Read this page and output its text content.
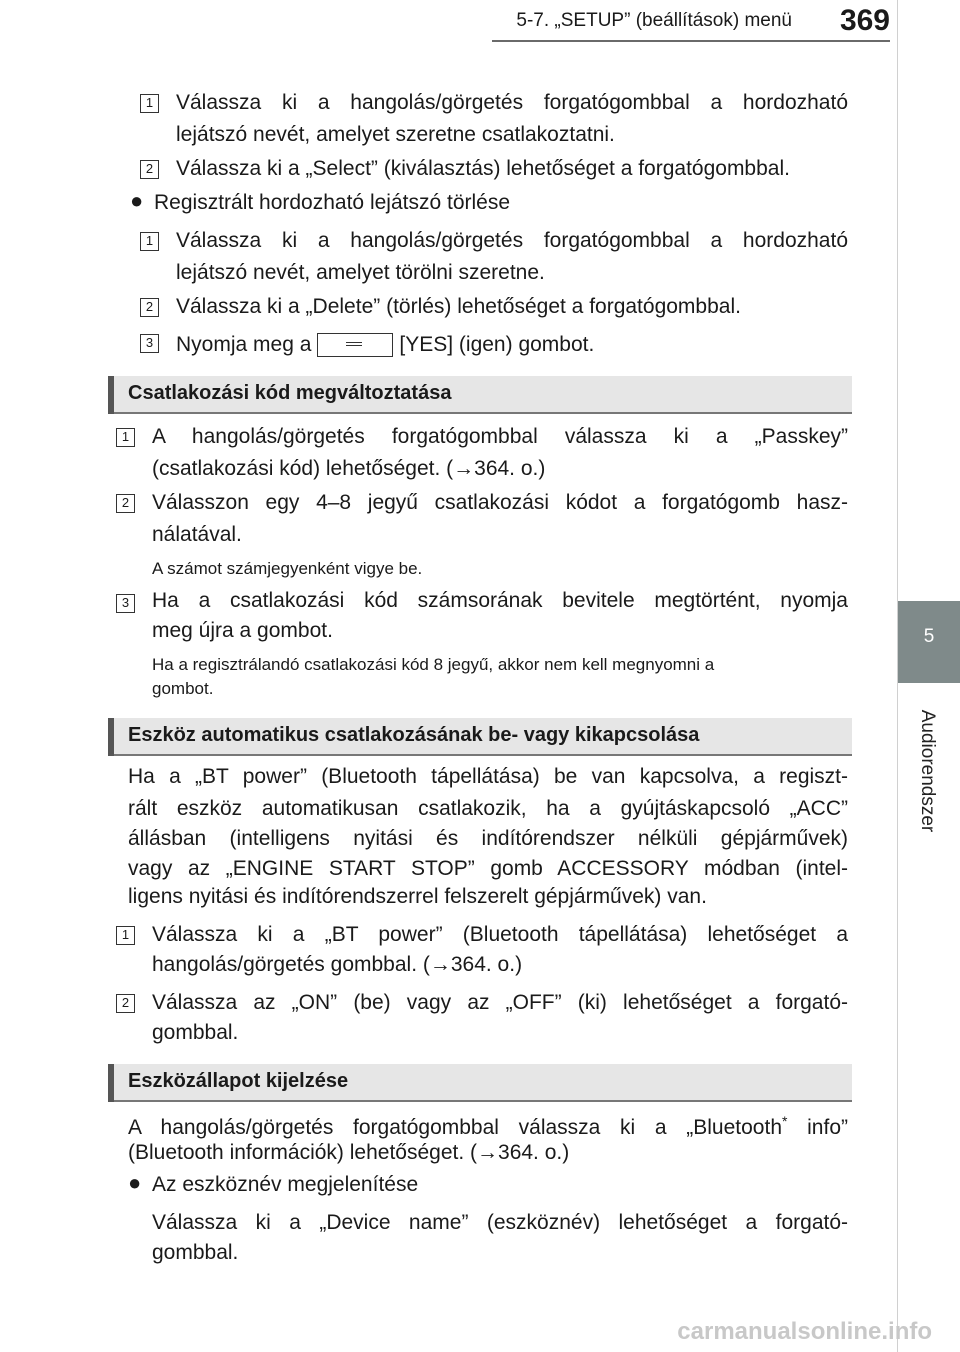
5-7. „SETUP” (beállítások) menü	369
5
Audiorendszer
1 Válassza ki a hangolás/görgetés forgatógombbal a hordozható
lejátszó nevét, amelyet szeretne csatlakoztatni.
2 Válassza ki a „Select” (kiválasztás) lehetőséget a forgatógombbal.
● Regisztrált hordozható lejátszó törlése
1 Válassza ki a hangolás/görgetés forgatógombbal a hordozható
lejátszó nevét, amelyet törölni szeretne.
2 Válassza ki a „Delete” (törlés) lehetőséget a forgatógombbal.
3 Nyomja meg a	[YES] (igen) gombot.
Csatlakozási kód megváltoztatása
1 A hangolás/görgetés forgatógombbal válassza ki a „Passkey”
(csatlakozási kód) lehetőséget. (→364. o.)
2 Válasszon egy 4–8 jegyű csatlakozási kódot a forgatógomb hasz-
nálatával.
A számot számjegyenként vigye be.
3 Ha a csatlakozási kód számsorának bevitele megtörtént, nyomja
meg újra a gombot.
Ha a regisztrálandó csatlakozási kód 8 jegyű, akkor nem kell megnyomni a
gombot.
Eszköz automatikus csatlakozásának be- vagy kikapcsolása
Ha a „BT power” (Bluetooth tápellátása) be van kapcsolva, a regiszt-
rált eszköz automatikusan csatlakozik, ha a gyújtáskapcsoló „ACC”
állásban (intelligens nyitási és indítórendszer nélküli gépjárművek)
vagy az „ENGINE START STOP” gomb ACCESSORY módban (intel-
ligens nyitási és indítórendszerrel felszerelt gépjárművek) van.
1 Válassza ki a „BT power” (Bluetooth tápellátása) lehetőséget a
hangolás/görgetés gombbal. (→364. o.)
2 Válassza az „ON” (be) vagy az „OFF” (ki) lehetőséget a forgató-
gombbal.
Eszközállapot kijelzése
A hangolás/görgetés forgatógombbal válassza ki a „Bluetooth* info”
(Bluetooth információk) lehetőséget. (→364. o.)
● Az eszköznév megjelenítése
Válassza ki a „Device name” (eszköznév) lehetőséget a forgató-
gombbal.
carmanualsonline.info
